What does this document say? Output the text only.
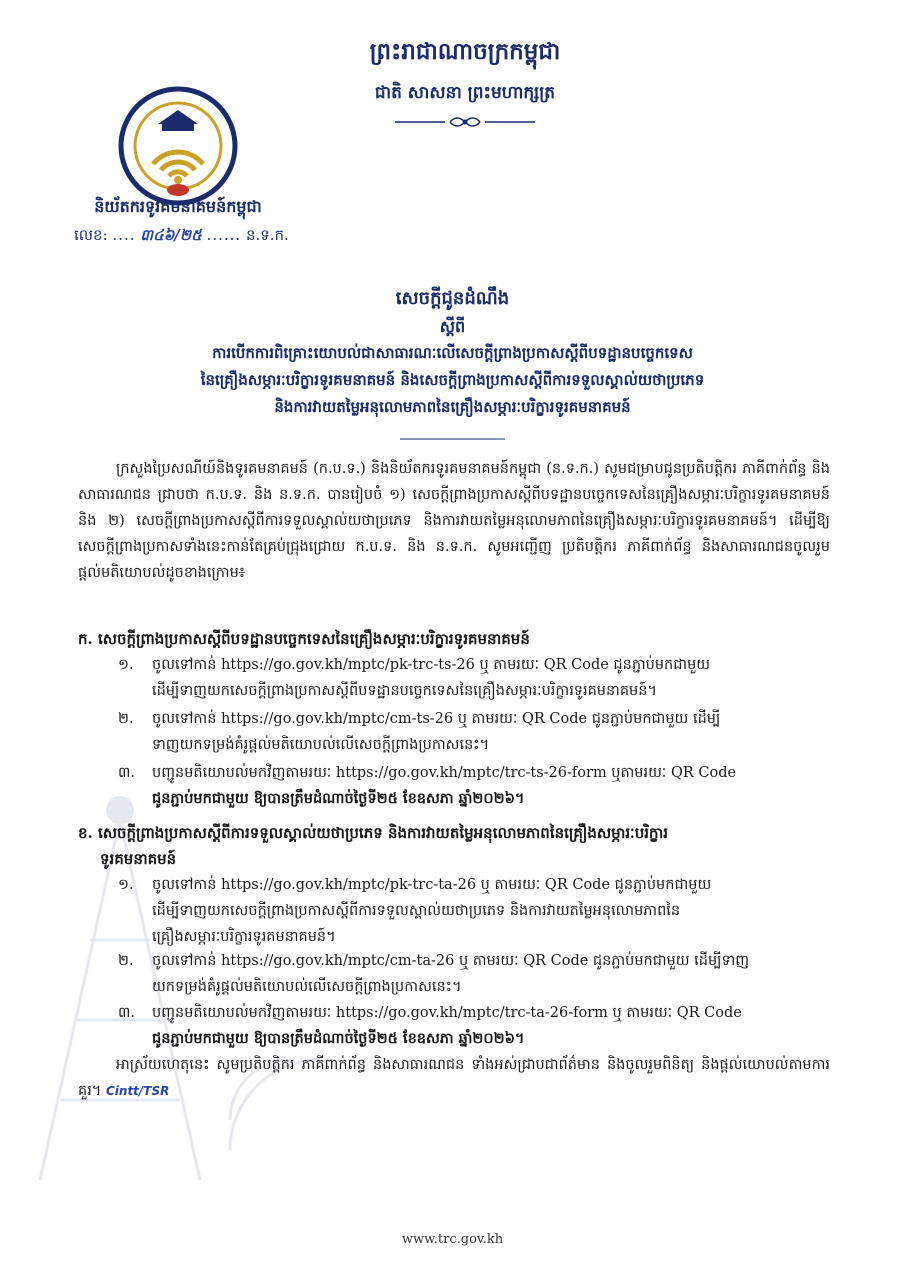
ព្រះរាជាណាចក្រកម្ពុជា
ជាតិ សាសនា ព្រះមហាក្សត្រ
និយ័តករទូរគមនាគមន៍កម្ពុជា
លេខ: .... ៣៤៦/២៥ ...... ន.ទ.ក.
សេចក្ដីជូនដំណឹង
ស្ដីពី
ការបើកការពិគ្រោះយោបល់ជាសាធារណៈលើសេចក្ដីព្រាងប្រកាសស្ដីពីបទដ្ឋានបច្ចេកទេស
នៃគ្រឿងសម្ភារៈបរិក្ខារទូរគមនាគមន៍ និងសេចក្ដីព្រាងប្រកាសស្ដីពីការទទួលស្គាល់យថាប្រភេទ
និងការវាយតម្លៃអនុលោមភាពនៃគ្រឿងសម្ភារៈបរិក្ខារទូរគមនាគមន៍
ក្រសួងប្រៃសណីយ៍និងទូរគមនាគមន៍ (ក.ប.ទ.) និងនិយ័តករទូរគមនាគមន៍កម្ពុជា (ន.ទ.ក.) សូមជម្រាបជូនប្រតិបត្តិករ ភាគីពាក់ព័ន្ធ និងសាធារណជន ជ្រាបថា ក.ប.ទ. និង ន.ទ.ក. បានរៀបចំ ១) សេចក្ដីព្រាងប្រកាសស្ដីពីបទដ្ឋានបច្ចេកទេសនៃគ្រឿងសម្ភារៈបរិក្ខារទូរគមនាគមន៍ និង ២) សេចក្ដីព្រាងប្រកាសស្ដីពីការទទួលស្គាល់យថាប្រភេទ និងការវាយតម្លៃអនុលោមភាពនៃគ្រឿងសម្ភារៈបរិក្ខារទូរគមនាគមន៍។ ដើម្បីឱ្យសេចក្ដីព្រាងប្រកាសទាំងនេះកាន់តែគ្រប់ជ្រុងជ្រោយ ក.ប.ទ. និង ន.ទ.ក. សូមអញ្ជើញ ប្រតិបត្តិករ ភាគីពាក់ព័ន្ធ និងសាធារណជនចូលរួមផ្ដល់មតិយោបល់ដូចខាងក្រោម៖
ក. សេចក្ដីព្រាងប្រកាសស្ដីពីបទដ្ឋានបច្ចេកទេសនៃគ្រឿងសម្ភារៈបរិក្ខារទូរគមនាគមន៍
១. ចូលទៅកាន់ https://go.gov.kh/mptc/pk-trc-ts-26 ឬ តាមរយៈ QR Code ជូនភ្ជាប់មកជាមួយ
ដើម្បីទាញយកសេចក្ដីព្រាងប្រកាសស្ដីពីបទដ្ឋានបច្ចេកទេសនៃគ្រឿងសម្ភារៈបរិក្ខារទូរគមនាគមន៍។
២. ចូលទៅកាន់ https://go.gov.kh/mptc/cm-ts-26 ឬ តាមរយៈ QR Code ជូនភ្ជាប់មកជាមួយ ដើម្បី
ទាញយកទម្រង់គំរូផ្ដល់មតិយោបល់លើសេចក្ដីព្រាងប្រកាសនេះ។
៣. បញ្ជូនមតិយោបល់មកវិញតាមរយៈ https://go.gov.kh/mptc/trc-ts-26-form ឬតាមរយៈ QR Code
ជូនភ្ជាប់មកជាមួយ ឱ្យបានត្រឹមដំណាច់ថ្ងៃទី២៥ ខែឧសភា ឆ្នាំ២០២៦។
ខ. សេចក្ដីព្រាងប្រកាសស្ដីពីការទទួលស្គាល់យថាប្រភេទ និងការវាយតម្លៃអនុលោមភាពនៃគ្រឿងសម្ភារៈបរិក្ខារ
ទូរគមនាគមន៍
១. ចូលទៅកាន់ https://go.gov.kh/mptc/pk-trc-ta-26 ឬ តាមរយៈ QR Code ជូនភ្ជាប់មកជាមួយ
ដើម្បីទាញយកសេចក្ដីព្រាងប្រកាសស្ដីពីការទទួលស្គាល់យថាប្រភេទ និងការវាយតម្លៃអនុលោមភាពនៃ
គ្រឿងសម្ភារៈបរិក្ខារទូរគមនាគមន៍។
២. ចូលទៅកាន់ https://go.gov.kh/mptc/cm-ta-26 ឬ តាមរយៈ QR Code ជូនភ្ជាប់មកជាមួយ ដើម្បីទាញ
យកទម្រង់គំរូផ្ដល់មតិយោបល់លើសេចក្ដីព្រាងប្រកាសនេះ។
៣. បញ្ជូនមតិយោបល់មកវិញតាមរយៈ https://go.gov.kh/mptc/trc-ta-26-form ឬ តាមរយៈ QR Code
ជូនភ្ជាប់មកជាមួយ ឱ្យបានត្រឹមដំណាច់ថ្ងៃទី២៥ ខែឧសភា ឆ្នាំ២០២៦។
អាស្រ័យហេតុនេះ សូមប្រតិបត្តិករ ភាគីពាក់ព័ន្ធ និងសាធារណជន ទាំងអស់ជ្រាបជាព័ត៌មាន និងចូលរួមពិនិត្យ និងផ្ដល់យោបល់តាមការគួរ។ Cintt/TSR
www.trc.gov.kh
